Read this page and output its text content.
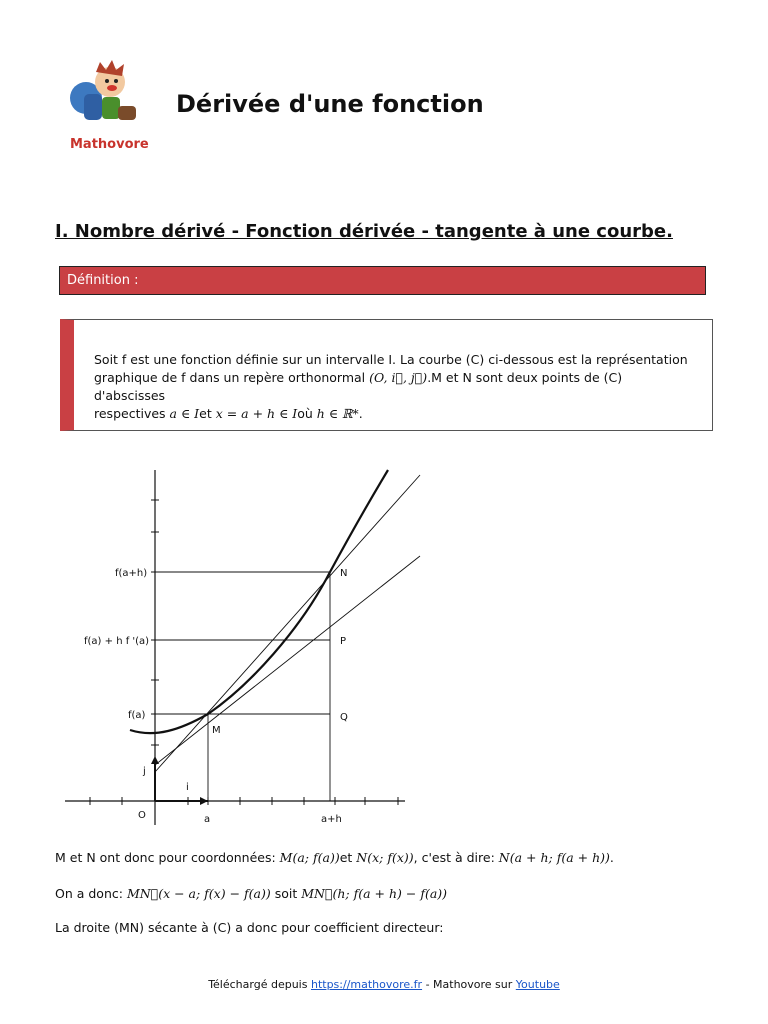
Mathovore
Dérivée d'une fonction
I. Nombre dérivé - Fonction dérivée - tangente à une courbe.
Définition :
Soit f est une fonction définie sur un intervalle I. La courbe (C) ci-dessous est la représentation
graphique de f dans un repère orthonormal (O, i⃗, j⃗).M et N sont deux points de (C) d'abscisses
respectives a ∈ Iet x = a + h ∈ Ioù h ∈ ℝ*.
f(a+h)
f(a) + h f '(a)
f(a)
N
P
M
Q
j
i
O	a	a+h

M et N ont donc pour coordonnées: M(a; f(a))et N(x; f(x)), c'est à dire: N(a + h; f(a + h)).

On a donc: MN⃗(x − a; f(x) − f(a)) soit MN⃗(h; f(a + h) − f(a))

La droite (MN) sécante à (C) a donc pour coefficient directeur:

Téléchargé depuis https://mathovore.fr - Mathovore sur Youtube
